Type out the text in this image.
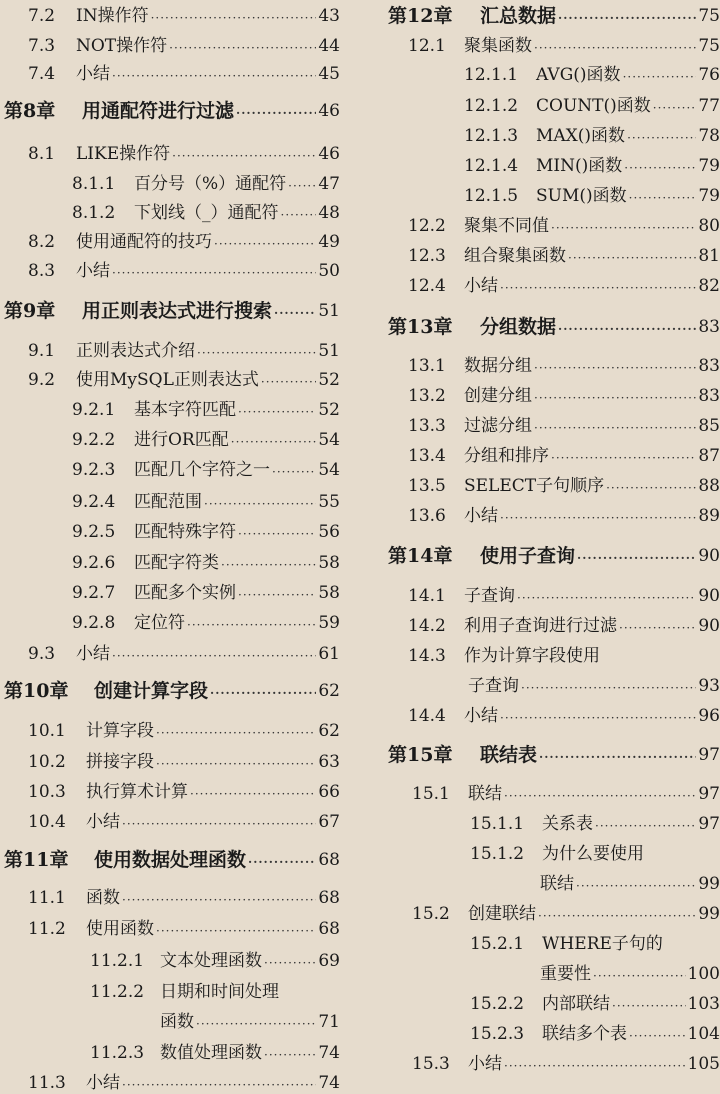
7.2	IN操作符 ·····	43
7.3	NOT操作符 ·····	44
7.4	小结 ·····	45
第8章	用通配符进行过滤 ·····	46
8.1	LIKE操作符 ·····	46
8.1.1	百分号（%）通配符 ····· 47
8.1.2	下划线（_）通配符 ····· 48
8.2	使用通配符的技巧 ·····	49
8.3	小结 ·····	50
第9章	用正则表达式进行搜索 ·····	51
9.1	正则表达式介绍 ·····	51
9.2	使用MySQL正则表达式 ·····	52
9.2.1	基本字符匹配 ·····	52
9.2.2	进行OR匹配 ·····	54
9.2.3	匹配几个字符之一 ·····	54
9.2.4	匹配范围 ·····	55
9.2.5	匹配特殊字符 ·····	56
9.2.6	匹配字符类 ·····	58
9.2.7	匹配多个实例 ·····	58
9.2.8	定位符 ·····	59
9.3	小结 ·····	61
第10章	创建计算字段 ·····	62
10.1	计算字段 ·····	62
10.2	拼接字段 ·····	63
10.3	执行算术计算 ·····	66
10.4	小结 ·····	67
第11章	使用数据处理函数 ·····	68
11.1	函数 ·····	68
11.2	使用函数 ·····	68
11.2.1 文本处理函数 ·····	69
11.2.2 日期和时间处理
函数 ·····	71
11.2.3 数值处理函数 ·····	74
11.3	小结 ·····	74
第12章	汇总数据 ·····	75
12.1	聚集函数 ·····	75
12.1.1	AVG()函数 ·····	76
12.1.2	COUNT()函数 ·····	77
12.1.3	MAX()函数 ·····	78
12.1.4	MIN()函数 ·····	79
12.1.5	SUM()函数 ·····	79
12.2	聚集不同值 ·····	80
12.3	组合聚集函数 ·····	81
12.4	小结 ·····	82
第13章	分组数据 ·····	83
13.1	数据分组 ·····	83
13.2	创建分组 ·····	83
13.3	过滤分组 ·····	85
13.4	分组和排序 ·····	87
13.5	SELECT子句顺序 ·····	88
13.6	小结 ·····	89
第14章	使用子查询 ·····	90
14.1	子查询 ·····	90
14.2	利用子查询进行过滤 ·····	90
14.3	作为计算字段使用
子查询 ·····	93
14.4	小结 ·····	96
第15章	联结表 ·····	97
15.1	联结 ·····	97
15.1.1	关系表 ·····	97
15.1.2	为什么要使用
联结 ·····	99
15.2	创建联结 ·····	99
15.2.1	WHERE子句的
重要性 ·····	100
15.2.2	内部联结 ·····	103
15.2.3	联结多个表 ·····	104
15.3	小结 ·····	105
